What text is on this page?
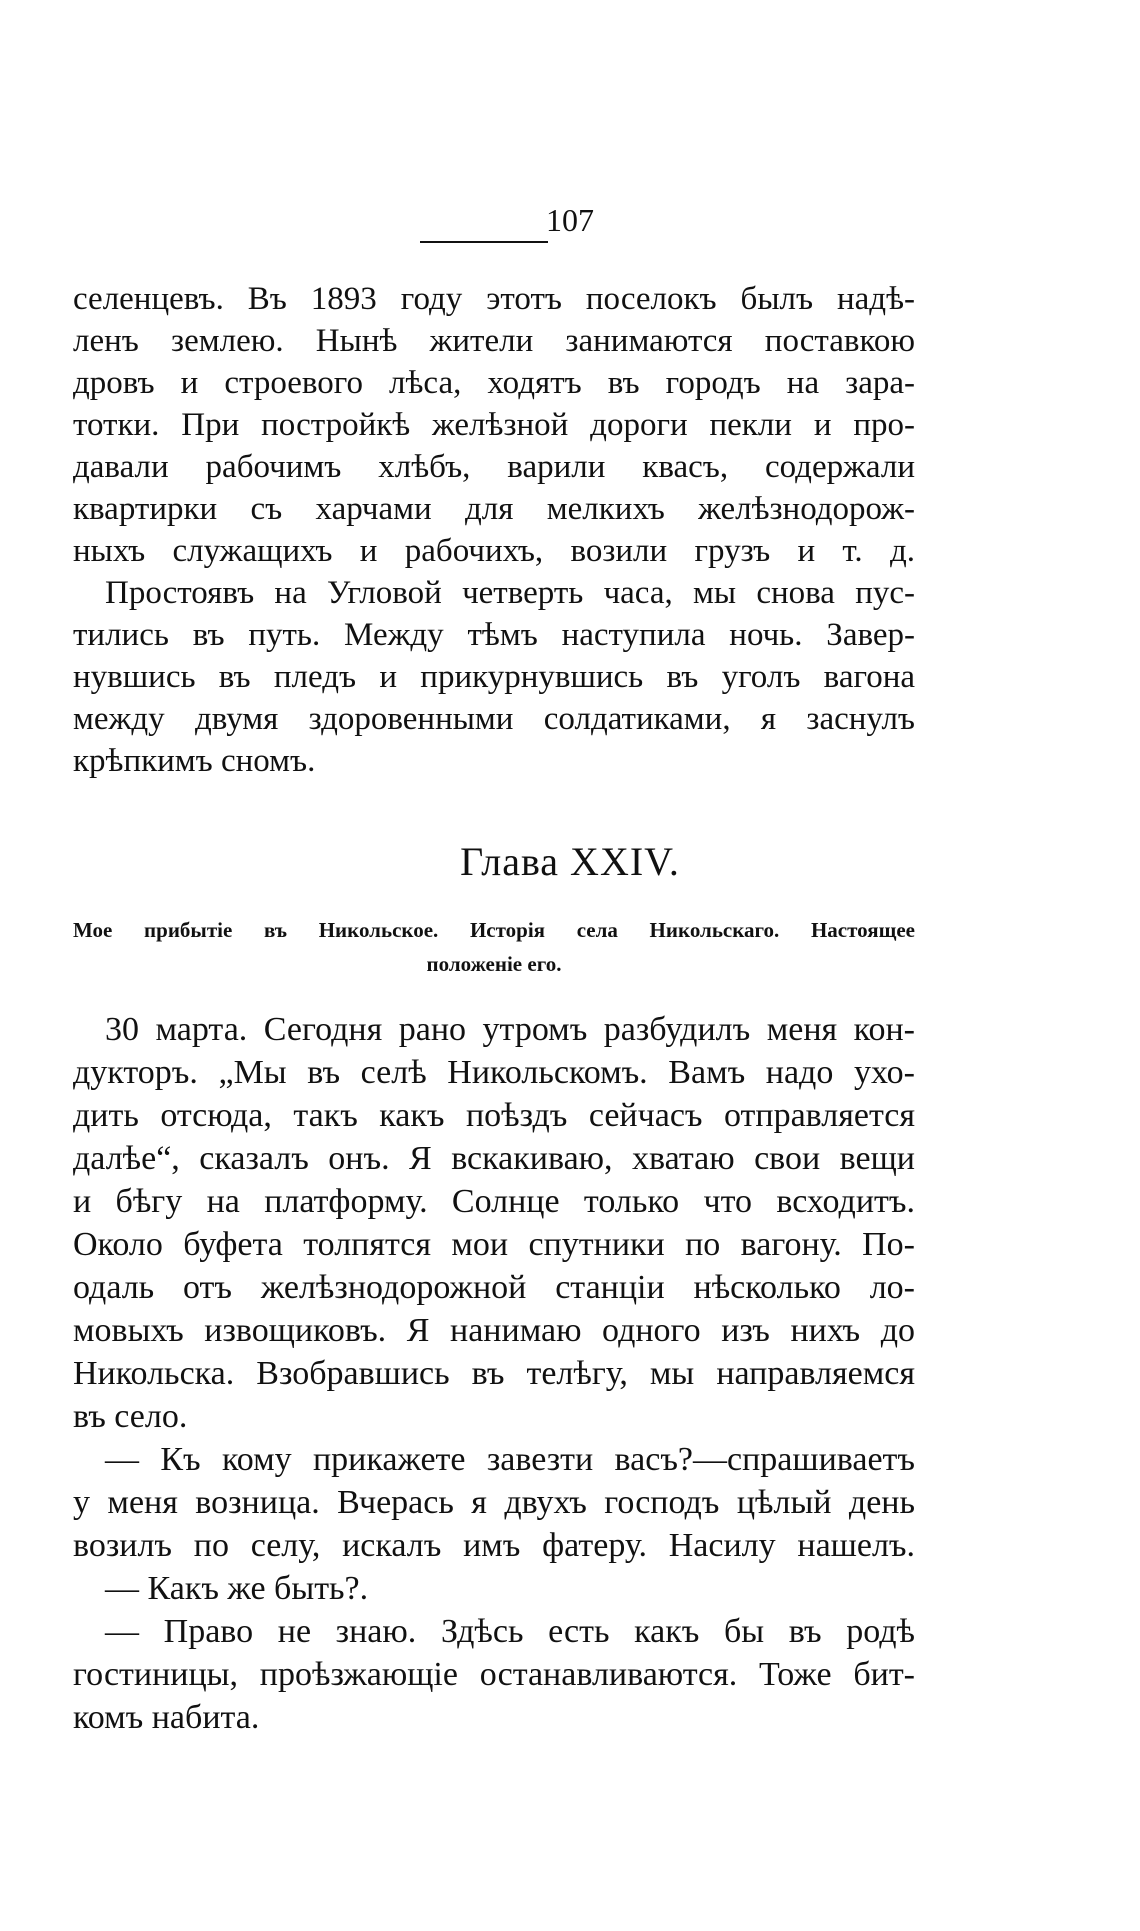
107
селенцевъ. Въ 1893 году этотъ поселокъ былъ надѣ-
ленъ землею. Нынѣ жители занимаются поставкою
дровъ и строевого лѣса, ходятъ въ городъ на зара-
тотки. При постройкѣ желѣзной дороги пекли и про-
давали рабочимъ хлѣбъ, варили квасъ, содержали
квартирки съ харчами для мелкихъ желѣзнодорож-
ныхъ служащихъ и рабочихъ, возили грузъ и т. д.
Простоявъ на Угловой четверть часа, мы снова пус-
тились въ путь. Между тѣмъ наступила ночь. Завер-
нувшись въ пледъ и прикурнувшись въ уголъ вагона
между двумя здоровенными солдатиками, я заснулъ
крѣпкимъ сномъ.
Глава XXIV.
Мое прибытіе въ Никольское. Исторія села Никольскаго. Настоящее
положеніе его.
30 марта. Сегодня рано утромъ разбудилъ меня кон-
дукторъ. „Мы въ селѣ Никольскомъ. Вамъ надо ухо-
дить отсюда, такъ какъ поѣздъ сейчасъ отправляется
далѣе“, сказалъ онъ. Я вскакиваю, хватаю свои вещи
и бѣгу на платформу. Солнце только что всходитъ.
Около буфета толпятся мои спутники по вагону. По-
одаль отъ желѣзнодорожной станціи нѣсколько ло-
мовыхъ извощиковъ. Я нанимаю одного изъ нихъ до
Никольска. Взобравшись въ телѣгу, мы направляемся
въ село.
— Къ кому прикажете завезти васъ?—спрашиваетъ
у меня возница. Вчерась я двухъ господъ цѣлый день
возилъ по селу, искалъ имъ фатеру. Насилу нашелъ.
— Какъ же быть?.
— Право не знаю. Здѣсь есть какъ бы въ родѣ
гостиницы, проѣзжающіе останавливаются. Тоже бит-
комъ набита.
